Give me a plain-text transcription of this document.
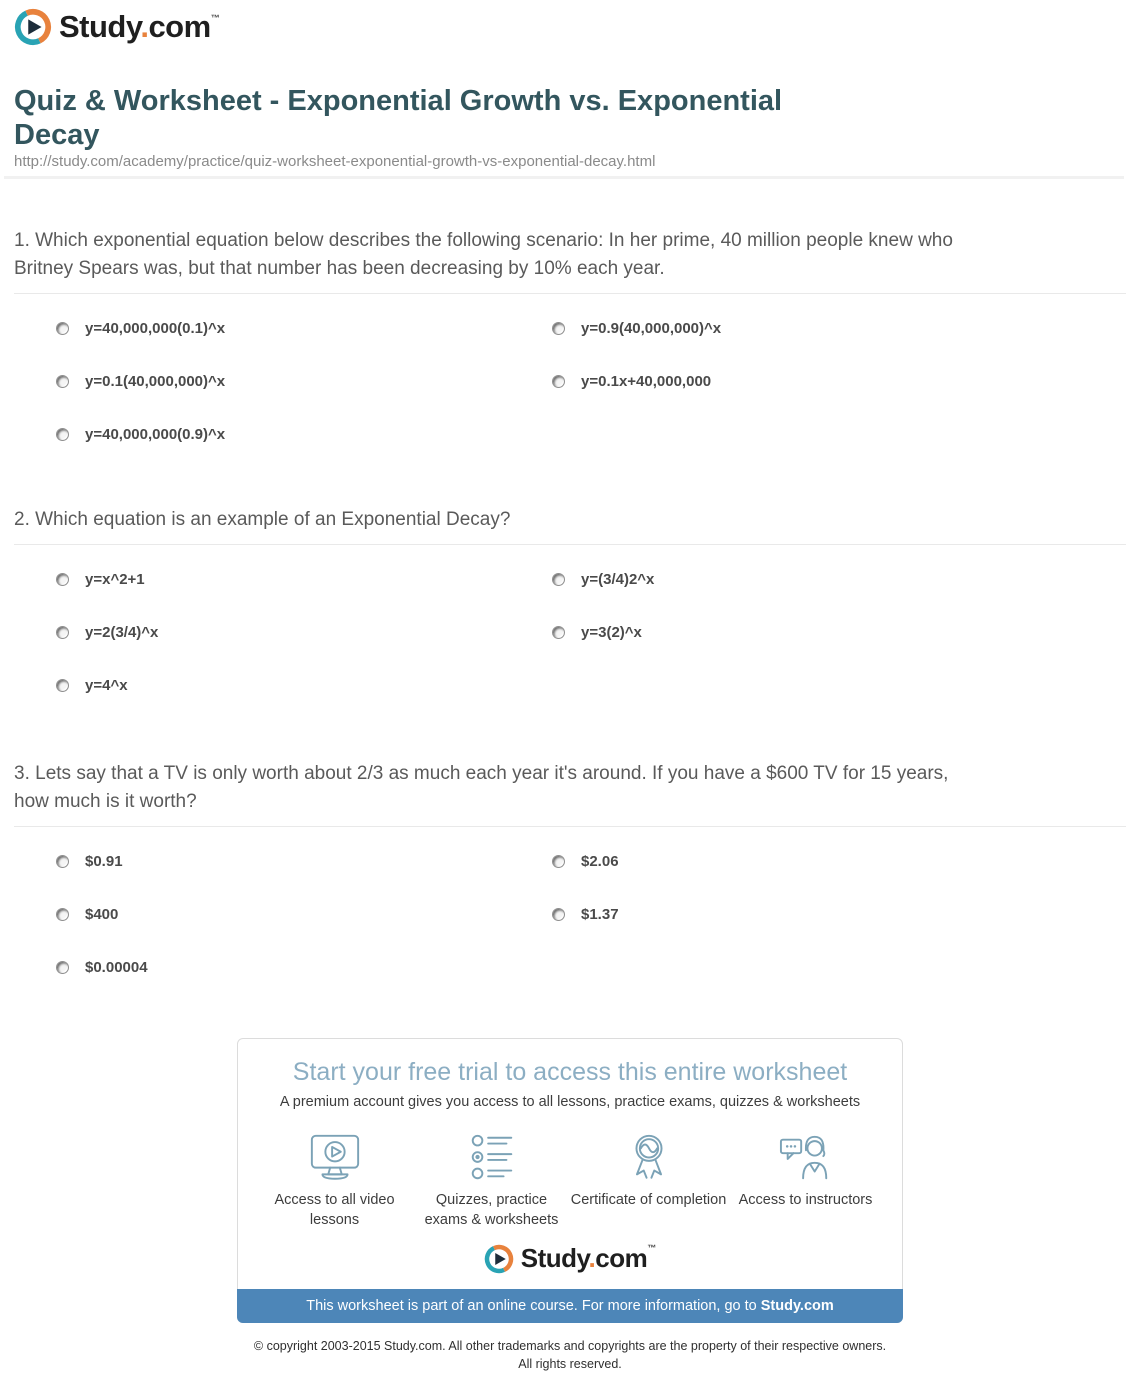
Study.com™
Quiz & Worksheet - Exponential Growth vs. Exponential Decay
http://study.com/academy/practice/quiz-worksheet-exponential-growth-vs-exponential-decay.html
1. Which exponential equation below describes the following scenario: In her prime, 40 million people knew who Britney Spears was, but that number has been decreasing by 10% each year.
y=40,000,000(0.1)^x	y=0.9(40,000,000)^x
y=0.1(40,000,000)^x	y=0.1x+40,000,000
y=40,000,000(0.9)^x
2. Which equation is an example of an Exponential Decay?
y=x^2+1	y=(3/4)2^x
y=2(3/4)^x	y=3(2)^x
y=4^x
3. Lets say that a TV is only worth about 2/3 as much each year it's around. If you have a $600 TV for 15 years, how much is it worth?
$0.91	$2.06
$400	$1.37
$0.00004
Start your free trial to access this entire worksheet
A premium account gives you access to all lessons, practice exams, quizzes & worksheets
Access to all video lessons
Quizzes, practice exams & worksheets
Certificate of completion Access to instructors
Study.com™
This worksheet is part of an online course. For more information, go to Study.com
© copyright 2003-2015 Study.com. All other trademarks and copyrights are the property of their respective owners.
All rights reserved.
